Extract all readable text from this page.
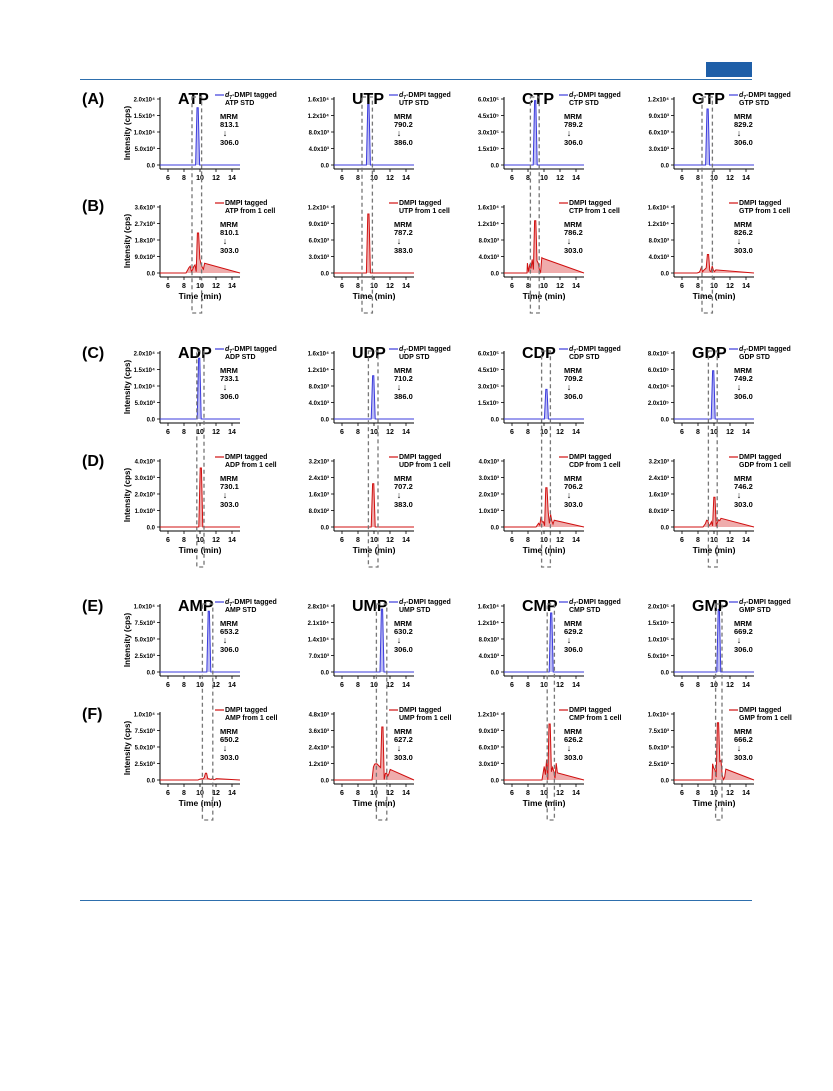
(A)
(B)
(C)
(D)
(E)
(F)
0.0
5.0x10³
1.0x10⁴
1.5x10⁴
2.0x10⁴
6 8 10 12 14
ATP $d_7$-DMPI tagged
ATP STD
MRM
813.1
↓
306.0
Intensity (cps)
0.0
4.0x10³
8.0x10³
1.2x10⁴
1.6x10⁴
6 8 10 12 14
UTP $d_7$-DMPI tagged
UTP STD
MRM
790.2
↓
386.0
0.0
1.5x10⁵
3.0x10⁵
4.5x10⁵
6.0x10⁵
6 8 10 12 14
CTP $d_7$-DMPI tagged
CTP STD
MRM
789.2
↓
306.0
0.0
3.0x10³
6.0x10³
9.0x10³
1.2x10⁴
6 8 10 12 14
GTP $d_7$-DMPI tagged
GTP STD
MRM
829.2
↓
306.0
0.0
9.0x10²
1.8x10³
2.7x10³
3.6x10³
6 8 10 12 14
DMPI tagged
ATP from 1 cell
MRM
810.1
↓
303.0
Intensity (cps)
Time (min)
0.0
3.0x10³
6.0x10³
9.0x10³
1.2x10⁴
6 8 10 12 14
DMPI tagged
UTP from 1 cell
MRM
787.2
↓
383.0
Time (min)
0.0
4.0x10³
8.0x10³
1.2x10⁴
1.6x10⁴
6 8 10 12 14
DMPI tagged
CTP from 1 cell
MRM
786.2
↓
303.0
Time (min)
0.0
4.0x10³
8.0x10³
1.2x10⁴
1.6x10⁴
6 8 10 12 14
DMPI tagged
GTP from 1 cell
MRM
826.2
↓
303.0
Time (min)
0.0
5.0x10³
1.0x10⁴
1.5x10⁴
2.0x10⁴
6 8 10 12 14
ADP $d_7$-DMPI tagged
ADP STD
MRM
733.1
↓
306.0
Intensity (cps)
0.0
4.0x10³
8.0x10³
1.2x10⁴
1.6x10⁴
6 8 10 12 14
UDP $d_7$-DMPI tagged
UDP STD
MRM
710.2
↓
386.0
0.0
1.5x10⁵
3.0x10⁵
4.5x10⁵
6.0x10⁵
6 8 10 12 14
CDP $d_7$-DMPI tagged
CDP STD
MRM
709.2
↓
306.0
0.0
2.0x10⁵
4.0x10⁵
6.0x10⁵
8.0x10⁵
6 8 10 12 14
GDP $d_7$-DMPI tagged
GDP STD
MRM
749.2
↓
306.0
0.0
1.0x10³
2.0x10³
3.0x10³
4.0x10³
6 8 10 12 14
DMPI tagged
ADP from 1 cell
MRM
730.1
↓
303.0
Intensity (cps)
Time (min)
0.0
8.0x10²
1.6x10³
2.4x10³
3.2x10³
6 8 10 12 14
DMPI tagged
UDP from 1 cell
MRM
707.2
↓
383.0
Time (min)
0.0
1.0x10³
2.0x10³
3.0x10³
4.0x10³
6 8 10 12 14
DMPI tagged
CDP from 1 cell
MRM
706.2
↓
303.0
Time (min)
0.0
8.0x10²
1.6x10³
2.4x10³
3.2x10³
6 8 10 12 14
DMPI tagged
GDP from 1 cell
MRM
746.2
↓
303.0
Time (min)
0.0
2.5x10³
5.0x10³
7.5x10³
1.0x10⁴
6 8 10 12 14
AMP $d_7$-DMPI tagged
AMP STD
MRM
653.2
↓
306.0
Intensity (cps)
0.0
7.0x10³
1.4x10⁴
2.1x10⁴
2.8x10⁴
6 8 10 12 14
UMP $d_7$-DMPI tagged
UMP STD
MRM
630.2
↓
306.0
0.0
4.0x10³
8.0x10³
1.2x10⁴
1.6x10⁴
6 8 10 12 14
CMP $d_7$-DMPI tagged
CMP STD
MRM
629.2
↓
306.0
0.0
5.0x10⁴
1.0x10⁵
1.5x10⁵
2.0x10⁵
6 8 10 12 14
GMP $d_7$-DMPI tagged
GMP STD
MRM
669.2
↓
306.0
0.0
2.5x10³
5.0x10³
7.5x10³
1.0x10⁴
6 8 10 12 14
DMPI tagged
AMP from 1 cell
MRM
650.2
↓
303.0
Intensity (cps)
Time (min)
0.0
1.2x10³
2.4x10³
3.6x10³
4.8x10³
6 8 10 12 14
DMPI tagged
UMP from 1 cell
MRM
627.2
↓
303.0
Time (min)
0.0
3.0x10³
6.0x10³
9.0x10³
1.2x10⁴
6 8 10 12 14
DMPI tagged
CMP from 1 cell
MRM
626.2
↓
303.0
Time (min)
0.0
2.5x10³
5.0x10³
7.5x10³
1.0x10⁴
6 8 10 12 14
DMPI tagged
GMP from 1 cell
MRM
666.2
↓
303.0
Time (min)
